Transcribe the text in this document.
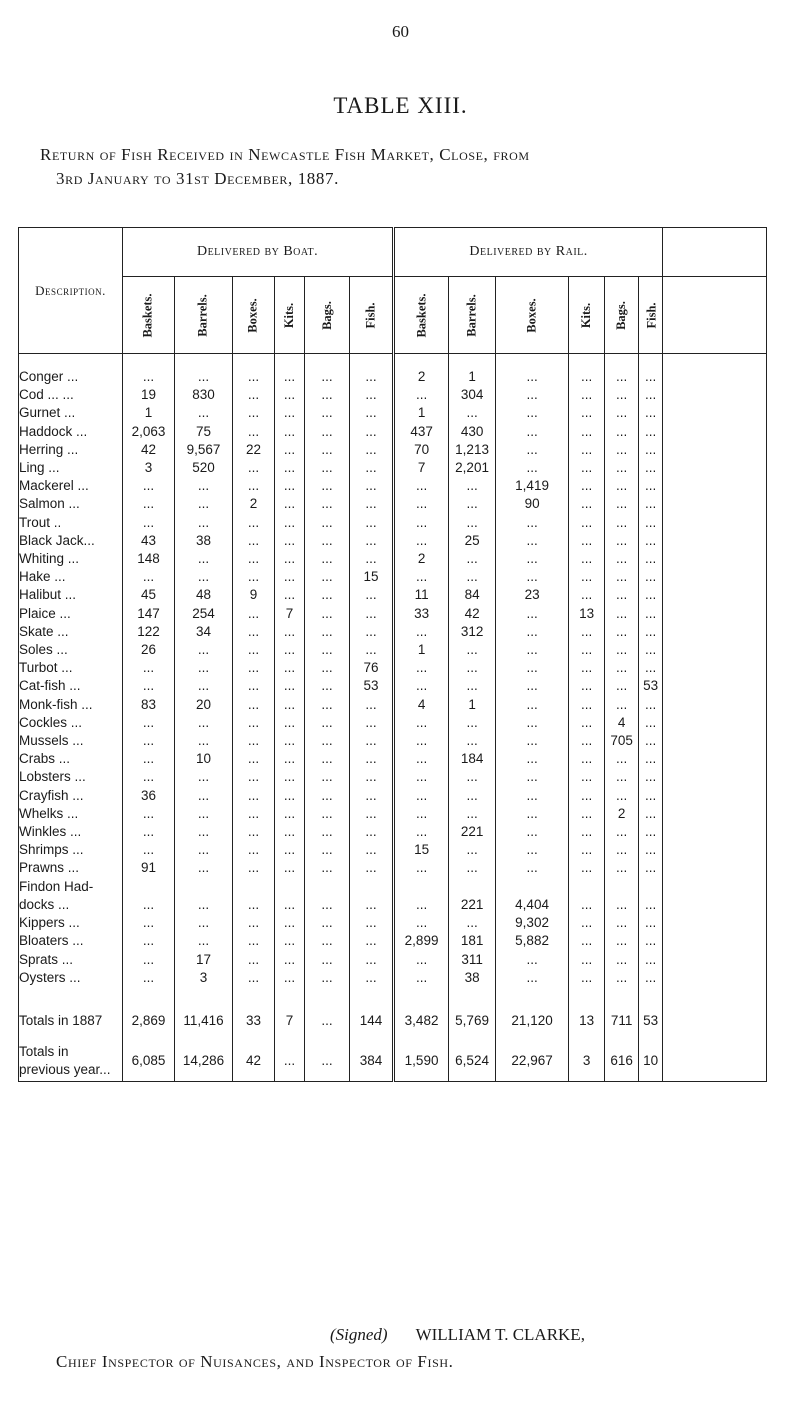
60
TABLE XIII.
Return of Fish Received in Newcastle Fish Market, Close, from
3rd January to 31st December, 1887.
Description.	Delivered by Boat.						Delivered by Rail.						
	Baskets.	Barrels.	Boxes.	Kits.	Bags.	Fish.	Baskets.	Barrels.	Boxes.	Kits.	Bags.	Fish.	

Conger ...	...	...	...	...	...	...	2	1	...	...	...	...	
Cod ... ...	19	830	...	...	...	...	...	304	...	...	...	...	
Gurnet ...	1	...	...	...	...	...	1	...	...	...	...	...	
Haddock ...	2,063	75	...	...	...	...	437	430	...	...	...	...	
Herring ...	42	9,567	22	...	...	...	70	1,213	...	...	...	...	
Ling ...	3	520	...	...	...	...	7	2,201	...	...	...	...	
Mackerel ...	...	...	...	...	...	...	...	...	1,419	...	...	...	
Salmon ...	...	...	2	...	...	...	...	...	90	...	...	...	
Trout ..	...	...	...	...	...	...	...	...	...	...	...	...	
Black Jack...	43	38	...	...	...	...	...	25	...	...	...	...	
Whiting ...	148	...	...	...	...	...	2	...	...	...	...	...	
Hake ...	...	...	...	...	...	15	...	...	...	...	...	...	
Halibut ...	45	48	9	...	...	...	11	84	23	...	...	...	
Plaice ...	147	254	...	7	...	...	33	42	...	13	...	...	
Skate ...	122	34	...	...	...	...	...	312	...	...	...	...	
Soles ...	26	...	...	...	...	...	1	...	...	...	...	...	
Turbot ...	...	...	...	...	...	76	...	...	...	...	...	...	
Cat-fish ...	...	...	...	...	...	53	...	...	...	...	...	53	
Monk-fish ...	83	20	...	...	...	...	4	1	...	...	...	...	
Cockles ...	...	...	...	...	...	...	...	...	...	...	4	...	
Mussels ...	...	...	...	...	...	...	...	...	...	...	705	...	
Crabs ...	...	10	...	...	...	...	...	184	...	...	...	...	
Lobsters ...	...	...	...	...	...	...	...	...	...	...	...	...	
Crayfish ...	36	...	...	...	...	...	...	...	...	...	...	...	
Whelks ...	...	...	...	...	...	...	...	...	...	...	2	...	
Winkles ...	...	...	...	...	...	...	...	221	...	...	...	...	
Shrimps ...	...	...	...	...	...	...	15	...	...	...	...	...	
Prawns ...	91	...	...	...	...	...	...	...	...	...	...	...	
Findon Had-													
docks ...	...	...	...	...	...	...	...	221	4,404	...	...	...	
Kippers ...	...	...	...	...	...	...	...	...	9,302	...	...	...	
Bloaters ...	...	...	...	...	...	...	2,899	181	5,882	...	...	...	
Sprats ...	...	17	...	...	...	...	...	311	...	...	...	...	
Oysters ...	...	3	...	...	...	...	...	38	...	...	...	...	

Totals in 1887	2,869	11,416	33	7	...	144	3,482	5,769	21,120	13	711	53	
Totals in previous year...	6,085	14,286	42	...	...	384	1,590	6,524	22,967	3	616	10	
(Signed) WILLIAM T. CLARKE,
Chief Inspector of Nuisances, and Inspector of Fish.
